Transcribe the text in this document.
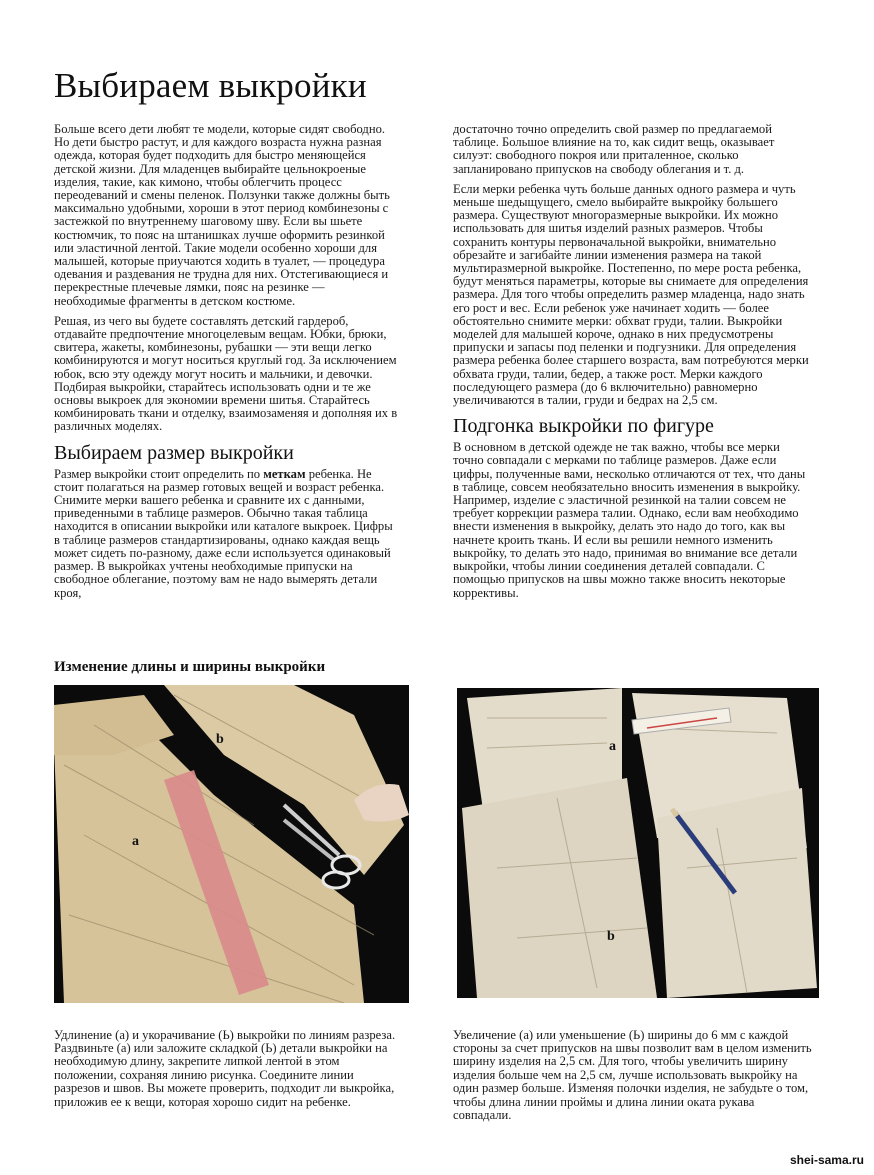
Выбираем выкройки

Больше всего дети любят те модели, которые сидят свободно. Но дети быстро растут, и для каждого возраста нужна разная одежда, которая будет подходить для быстро меняющейся детской жизни. Для младенцев выбирайте цельнокроеные изделия, такие, как кимоно, чтобы облегчить процесс переодеваний и смены пеленок. Ползунки также должны быть максимально удобными, хороши в этот период комбинезоны с застежкой по внутреннему шаговому шву. Если вы шьете костюмчик, то пояс на штанишках лучше оформить резинкой или эластичной лентой. Такие модели особенно хороши для малышей, которые приучаются ходить в туалет, — процедура одевания и раздевания не трудна для них. Отстегивающиеся и перекрестные плечевые лямки, пояс на резинке — необходимые фрагменты в детском костюме.

Решая, из чего вы будете составлять детский гардероб, отдавайте предпочтение многоцелевым вещам. Юбки, брюки, свитера, жакеты, комбинезоны, рубашки — эти вещи легко комбинируются и могут носиться круглый год. За исключением юбок, всю эту одежду могут носить и мальчики, и девочки. Подбирая выкройки, старайтесь использовать одни и те же основы выкроек для экономии времени шитья. Старайтесь комбинировать ткани и отделку, взаимозаменяя и дополняя их в различных моделях.

Выбираем размер выкройки

Размер выкройки стоит определить по меткам ребенка. Не стоит полагаться на размер готовых вещей и возраст ребенка. Снимите мерки вашего ребенка и сравните их с данными, приведенными в таблице размеров. Обычно такая таблица находится в описании выкройки или каталоге выкроек. Цифры в таблице размеров стандартизированы, однако каждая вещь может сидеть по-разному, даже если используется одинаковый размер. В выкройках учтены необходимые припуски на свободное облегание, поэтому вам не надо вымерять детали кроя,

достаточно точно определить свой размер по предлагаемой таблице. Большое влияние на то, как сидит вещь, оказывает силуэт: свободного покроя или приталенное, сколько запланировано припусков на свободу облегания и т. д.

Если мерки ребенка чуть больше данных одного размера и чуть меньше шедыщущего, смело выбирайте выкройку большего размера. Существуют многоразмерные выкройки. Их можно использовать для шитья изделий разных размеров. Чтобы сохранить контуры первоначальной выкройки, внимательно обрезайте и загибайте линии изменения размера на такой мультиразмерной выкройке. Постепенно, по мере роста ребенка, будут меняться параметры, которые вы снимаете для определения размера. Для того чтобы определить размер младенца, надо знать его рост и вес. Если ребенок уже начинает ходить — более обстоятельно снимите мерки: обхват груди, талии. Выкройки моделей для малышей короче, однако в них предусмотрены припуски и запасы под пеленки и подгузники. Для определения размера ребенка более старшего возраста, вам потребуются мерки обхвата груди, талии, бедер, а также рост. Мерки каждого последующего размера (до 6 включительно) равномерно увеличиваются в талии, груди и бедрах на 2,5 см.

Подгонка выкройки по фигуре

В основном в детской одежде не так важно, чтобы все мерки точно совпадали с мерками по таблице размеров. Даже если цифры, полученные вами, несколько отличаются от тех, что даны в таблице, совсем необязательно вносить изменения в выкройку. Например, изделие с эластичной резинкой на талии совсем не требует коррекции размера талии. Однако, если вам необходимо внести изменения в выкройку, делать это надо до того, как вы начнете кроить ткань. И если вы решили немного изменить выкройку, то делать это надо, принимая во внимание все детали выкройки, чтобы линии соединения деталей совпадали. С помощью припусков на швы можно также вносить некоторые коррективы.

Изменение длины и ширины выкройки
b
a
a
b

Удлинение (а) и укорачивание (Ь) выкройки по линиям разреза. Раздвиньте (а) или заложите складкой (Ь) детали выкройки на необходимую длину, закрепите липкой лентой в этом положении, сохраняя линию рисунка. Соедините линии разрезов и швов. Вы можете проверить, подходит ли выкройка, приложив ее к вещи, которая хорошо сидит на ребенке.

Увеличение (а) или уменьшение (Ь) ширины до 6 мм с каждой стороны за счет припусков на швы позволит вам в целом изменить ширину изделия на 2,5 см. Для того, чтобы увеличить ширину изделия больше чем на 2,5 см, лучше использовать выкройку на один размер больше. Изменяя полочки изделия, не забудьте о том, чтобы длина линии проймы и длина линии оката рукава совпадали.

shei-sama.ru
